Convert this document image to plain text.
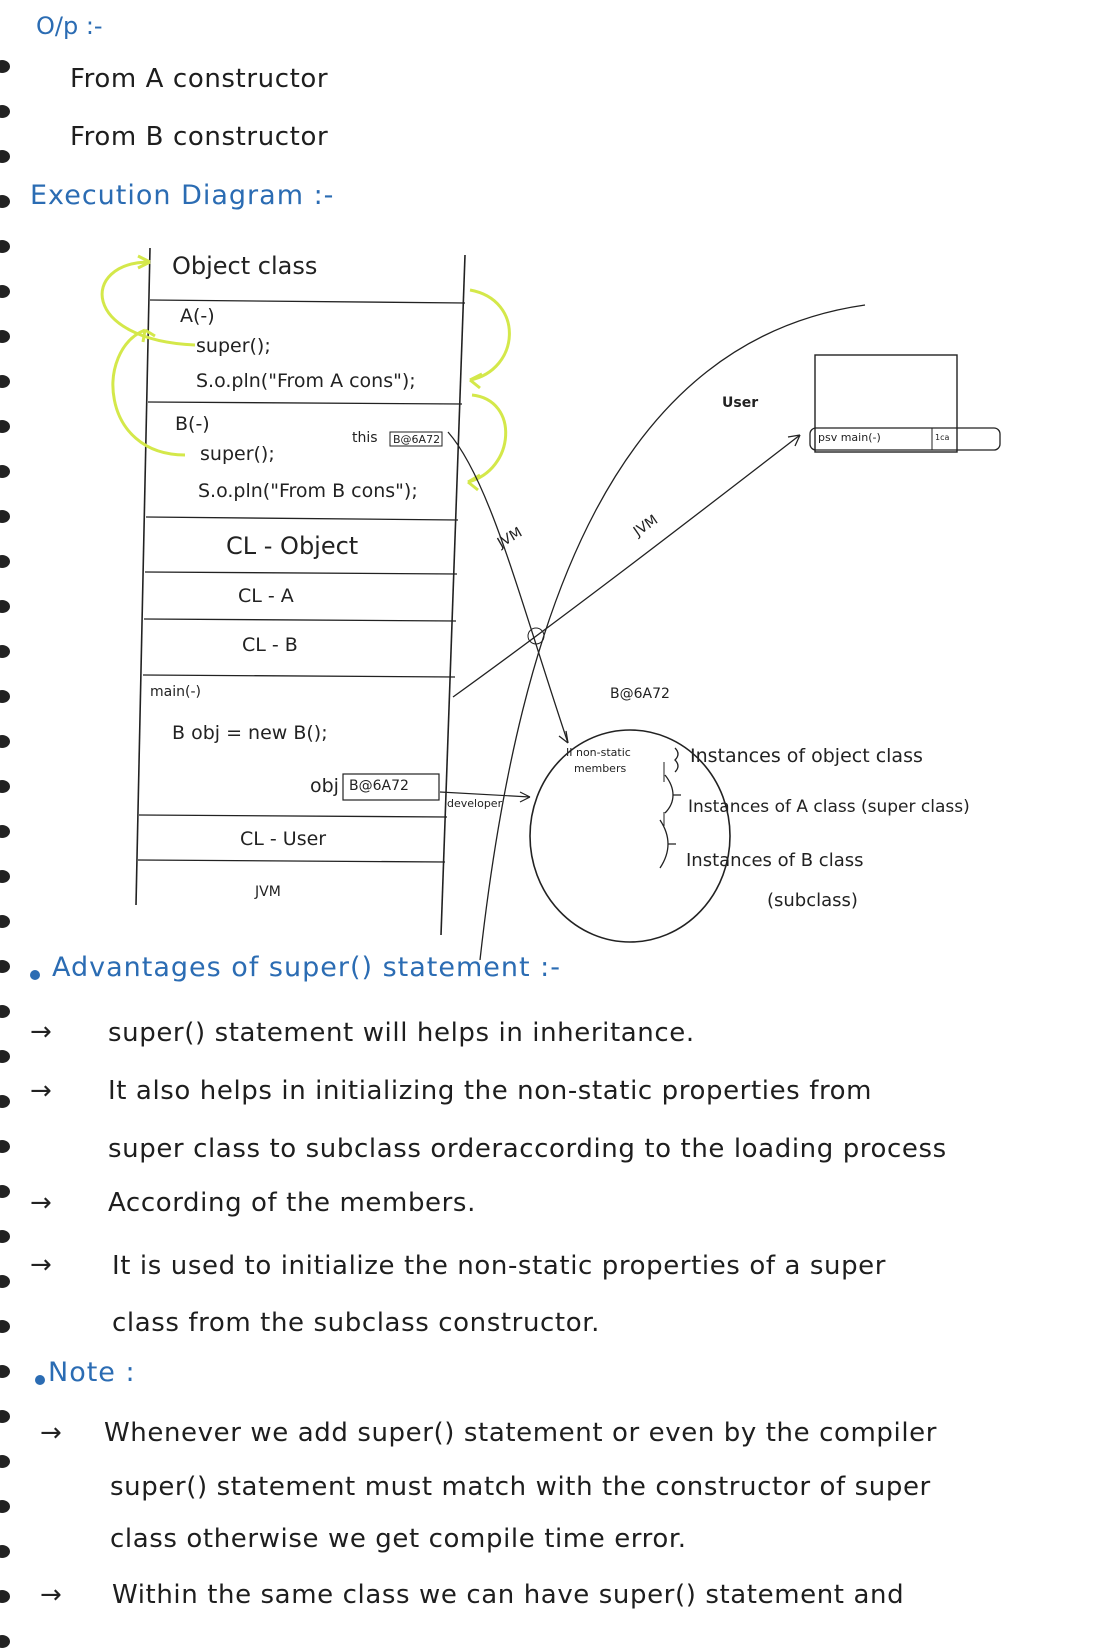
O/p :-
From A constructor
From B constructor
Execution Diagram :-
Object class
A(-)
super();
S.o.pln("From A cons");
B(-)
super();
this B@6A72
S.o.pln("From B cons");
CL - Object
CL - A
CL - B
main(-)
B obj = new B();
obj B@6A72
CL - User
JVM
JVM	JVM
User
developer
psv main(-)	1ca
B@6A72
II non-static
members
Instances of object class
Instances of A class (super class)
Instances of B class
(subclass)
Advantages of super() statement :-
→ super() statement will helps in inheritance.
→ It also helps in initializing the non-static properties from
super class to subclass orderaccording to the loading process
→ According of the members.
→ It is used to initialize the non-static properties of a super
class from the subclass constructor.
Note :
→ Whenever we add super() statement or even by the compiler
super() statement must match with the constructor of super
class otherwise we get compile time error.
→ Within the same class we can have super() statement and
